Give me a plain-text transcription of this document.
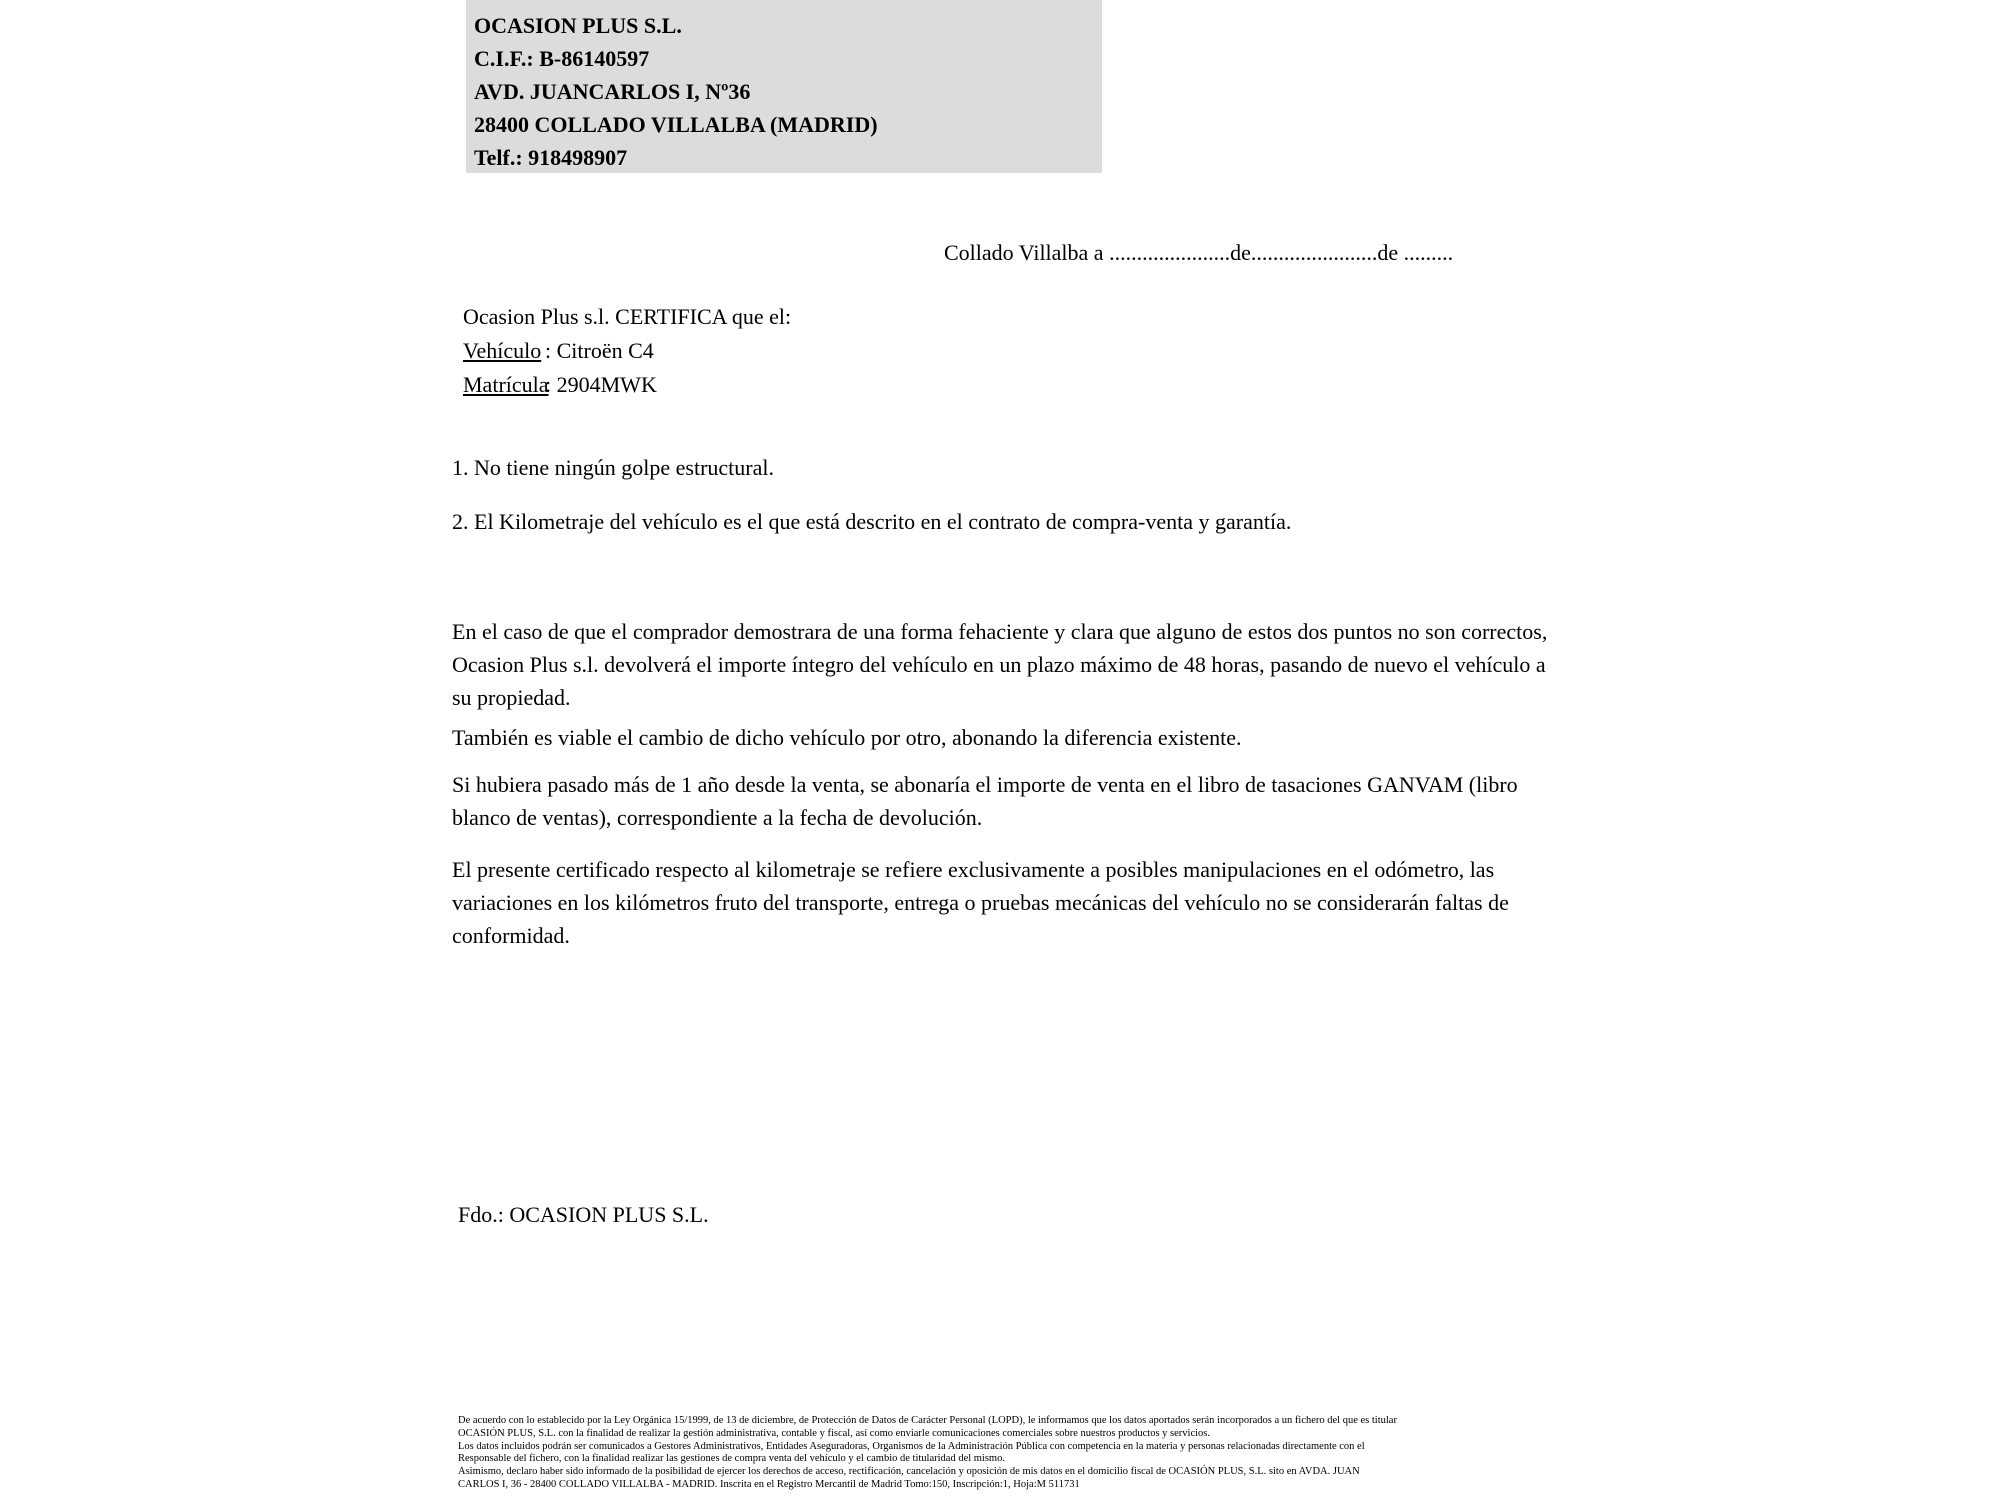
OCASION PLUS S.L.
C.I.F.: B-86140597
AVD. JUANCARLOS I, Nº36
28400 COLLADO VILLALBA (MADRID)
Telf.: 918498907
Collado Villalba a ......................de.......................de .........
Ocasion Plus s.l. CERTIFICA que el:
Vehículo : Citroën C4
Matrícula
: 2904MWK
1. No tiene ningún golpe estructural.
2. El Kilometraje del vehículo es el que está descrito en el contrato de compra-venta y garantía.
En el caso de que el comprador demostrara de una forma fehaciente y clara que alguno de estos dos puntos no son correctos, Ocasion Plus s.l. devolverá el importe íntegro del vehículo en un plazo máximo de 48 horas, pasando de nuevo el vehículo a su propiedad.
También es viable el cambio de dicho vehículo por otro, abonando la diferencia existente.
Si hubiera pasado más de 1 año desde la venta, se abonaría el importe de venta en el libro de tasaciones GANVAM (libro blanco de ventas), correspondiente a la fecha de devolución.
El presente certificado respecto al kilometraje se refiere exclusivamente a posibles manipulaciones en el odómetro, las variaciones en los kilómetros fruto del transporte, entrega o pruebas mecánicas del vehículo no se considerarán faltas de conformidad.
Fdo.: OCASION PLUS S.L.
De acuerdo con lo establecido por la Ley Orgánica 15/1999, de 13 de diciembre, de Protección de Datos de Carácter Personal (LOPD), le informamos que los datos aportados serán incorporados a un fichero del que es titular
OCASIÓN PLUS, S.L. con la finalidad de realizar la gestión administrativa, contable y fiscal, así como enviarle comunicaciones comerciales sobre nuestros productos y servicios.
Los datos incluidos podrán ser comunicados a Gestores Administrativos, Entidades Aseguradoras, Organismos de la Administración Pública con competencia en la materia y personas relacionadas directamente con el
Responsable del fichero, con la finalidad realizar las gestiones de compra venta del vehículo y el cambio de titularidad del mismo.
Asimismo, declaro haber sido informado de la posibilidad de ejercer los derechos de acceso, rectificación, cancelación y oposición de mis datos en el domicilio fiscal de OCASIÓN PLUS, S.L. sito en AVDA. JUAN
CARLOS I, 36 - 28400 COLLADO VILLALBA - MADRID. Inscrita en el Registro Mercantil de Madrid Tomo:150, Inscripción:1, Hoja:M 511731
